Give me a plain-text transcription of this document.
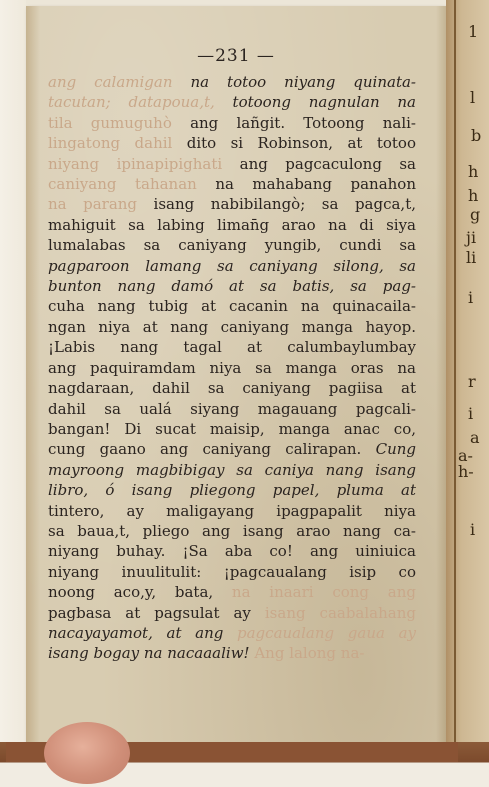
—231 —
ang calamigan na totoo niyang quinata-
tacutan; datapoua,t, totoong nagnulan na
tila gumuguhò ang lañgit. Totoong nali-
lingatong dahil dito si Robinson, at totoo
niyang ipinapipighati ang pagcaculong sa
caniyang tahanan na mahabang panahon
na parang isang nabibilangò; sa pagca,t,
mahiguit sa labing liman̄g arao na di siya
lumalabas sa caniyang yungib, cundi sa
pagparoon lamang sa caniyang silong, sa
bunton nang damó at sa batis, sa pag-
cuha nang tubig at cacanin na quinacaila-
ngan niya at nang caniyang manga hayop.
¡Labis nang tagal at calumbaylumbay
ang paquiramdam niya sa manga oras na
nagdaraan, dahil sa caniyang pagiisa at
dahil sa ualá siyang magauang pagcali-
bangan! Di sucat maisip, manga anac co,
cung gaano ang caniyang calirapan. Cung
mayroong magbibigay sa caniya nang isang
libro, ó isang pliegong papel, pluma at
tintero, ay maligayang ipagpapalit niya
sa baua,t, pliego ang isang arao nang ca-
niyang buhay. ¡Sa aba co! ang uiniuica
niyang inuulitulit: ¡pagcaualang isip co
noong aco,y, bata, na inaari cong ang
pagbasa at pagsulat ay isang caabalahang
nacayayamot, at ang pagcaualang gaua ay
isang bogay na nacaaaliw! Ang lalong na-
1
l
b
h
h
g
ji
li
i
r
i
a
a-
h-
i
